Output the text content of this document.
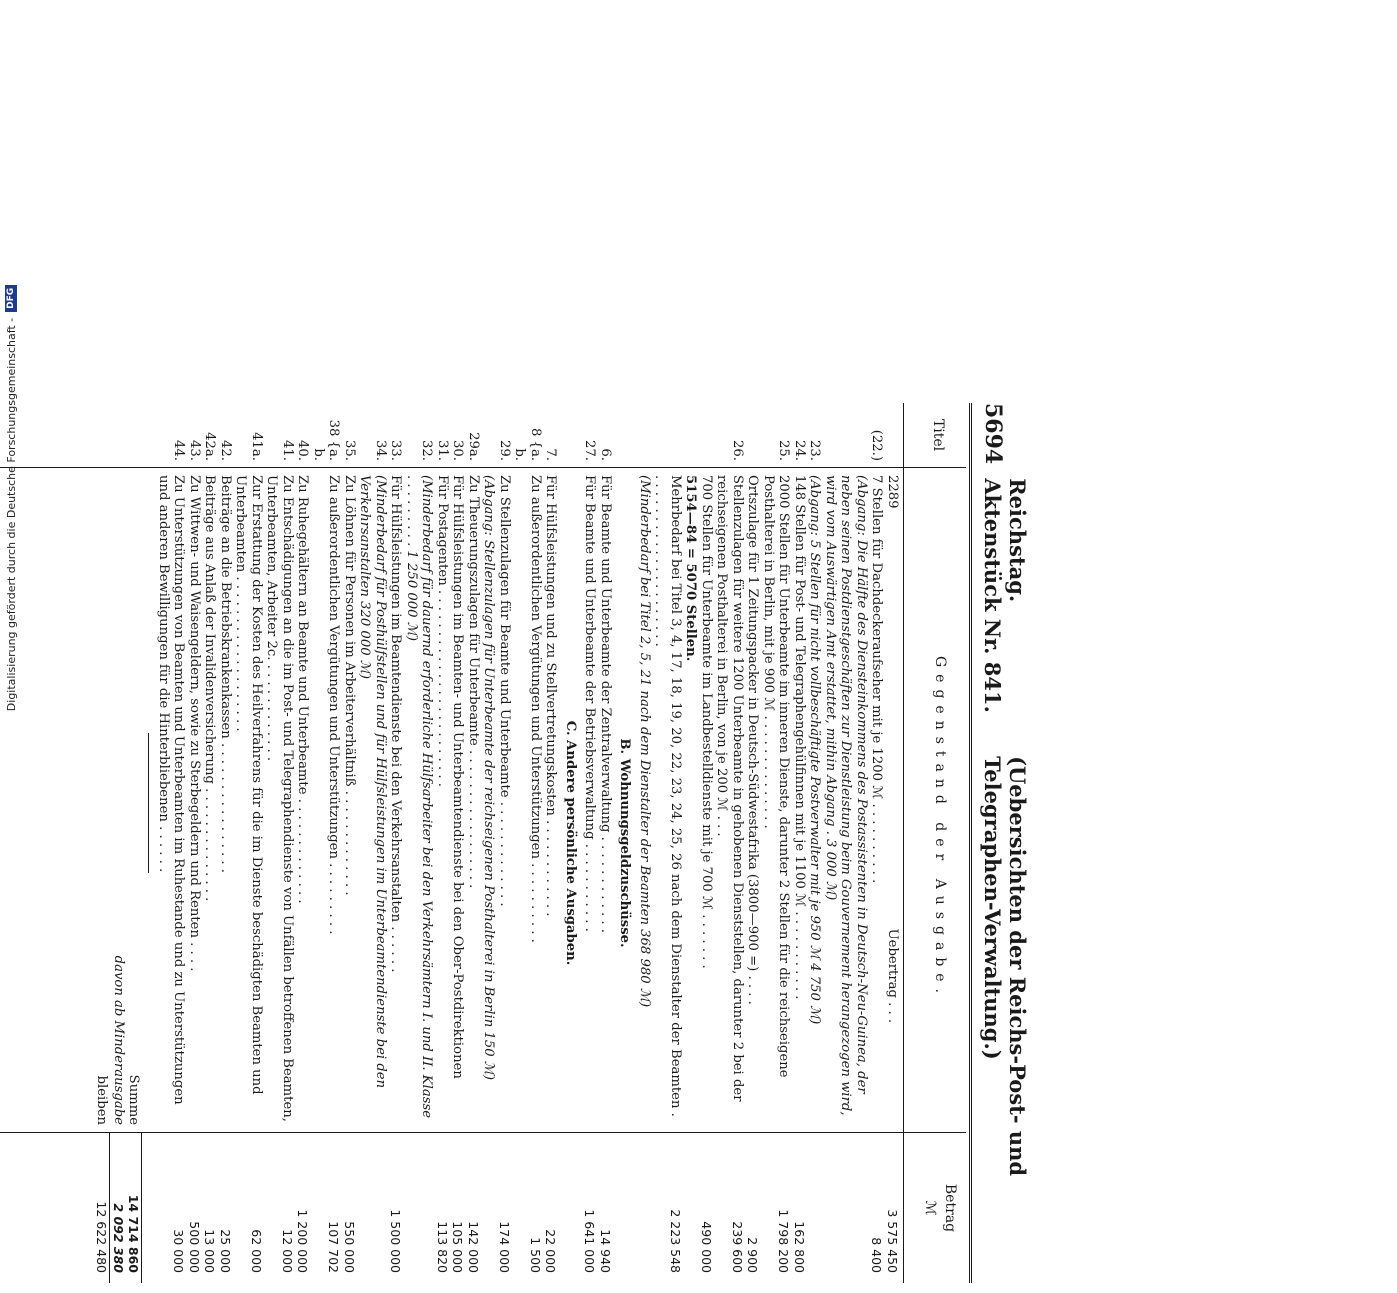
Digitalisierung gefördert durch die Deutsche Forschungsgemeinschaft -
DFG
5694
Reichstag. Aktenstück Nr. 841.
(Uebersichten der Reichs-Post- und Telegraphen-Verwaltung.)
Titel
Gegenstand der Ausgabe.
Betrag
ℳ
2289Uebertrag . . .
3 575 450
(22.)
7 Stellen für Dachdeckeraufseher mit je 1200 ℳ . . . . . . . . . .
8 400
(Abgang: Die Hälfte des Diensteinkommens des Postassistenten in Deutsch-Neu-Guinea, der neben seinen Postdienstgeschäften zur Dienstleistung beim Gouvernement herangezogen wird, wird vom Auswärtigen Amt erstattet, mithin Abgang . 3 000 ℳ)
23.
(Abgang: 5 Stellen für nicht vollbeschäftigte Postverwalter mit je 950 ℳ 4 750 ℳ)
24.
148 Stellen für Post- und Telegraphengehülfinnen mit je 1100 ℳ . . . . . . . . . . .
162 800
25.
2000 Stellen für Unterbeamte im inneren Dienste, darunter 2 Stellen für die reichseigene Posthalterei in Berlin, mit je 900 ℳ . . . . . . . . . . . . . .
1 798 200
Ortszulage für 1 Zeitungspacker in Deutsch-Südwestafrika (3800—900 =) . . . .
2 900
26.
Stellenzulagen für weitere 1200 Unterbeamte in gehobenen Dienststellen, darunter 2 bei der reichseigenen Posthalterei in Berlin, von je 200 ℳ . . .
239 600
700 Stellen für Unterbeamte im Landbestelldienste mit je 700 ℳ . . . . . . .
490 000
5154—84 = 5070 Stellen.
Mehrbedarf bei Titel 3, 4, 17, 18, 19, 20, 22, 23, 24, 25, 26 nach dem Dienstalter der Beamten . . . . . . . . . . . . . . . . . . . . . .
2 223 548
(Minderbedarf bei Titel 2, 5, 21 nach dem Dienstalter der Beamten 368 980 ℳ)
B. Wohnungsgeldzuschüsse.
6.
Für Beamte und Unterbeamte der Zentralverwaltung . . . . . . . . . . . .
14 940
27.
Für Beamte und Unterbeamte der Betriebsverwaltung . . . . . . . . . . .
1 641 000
C. Andere persönliche Ausgaben.
7.
Für Hülfsleistungen und zu Stellvertretungskosten . . . . . . . . . . . .
22 000
8 {a.
Zu außerordentlichen Vergütungen und Unterstützungen . . . . . . . . . .
1 500
b.
29.
Zu Stellenzulagen für Beamte und Unterbeamte . . . . . . . . . . . . .
174 000
(Abgang: Stellenzulagen für Unterbeamte der reichseigenen Posthalterei in Berlin 150 ℳ)
29a.
Zu Theuerungszulagen für Unterbeamte . . . . . . . . . . . . . . . . .
142 000
30.
Für Hülfsleistungen im Beamten- und Unterbeamtendienste bei den Ober-Postdirektionen
105 000
31.
Für Postagenten . . . . . . . . . . . . . . . . . . . . . . . .
113 820
32.
(Minderbedarf für dauernd erforderliche Hülfsarbeiter bei den Verkehrsämtern I. und II. Klasse . . . . . . . . . 1 250 000 ℳ)
33.
Für Hülfsleistungen im Beamtendienste bei den Verkehrsanstalten . . . . . .
1 500 000
34.
(Minderbedarf für Posthülfstellen und für Hülfsleistungen im Unterbeamtendienste bei den Verkehrsanstalten 320 000 ℳ)
35.
Zu Löhnen für Personen im Arbeiterverhältniß . . . . . . . . . . . . .
550 000
38 {a.
Zu außerordentlichen Vergütungen und Unterstützungen . . . . . . . . .
107 702
b.
40.
Zu Ruhegehältern an Beamte und Unterbeamte . . . . . . . . . . . . .
1 200 000
41.
Zu Entschädigungen an die im Post- und Telegraphendienste von Unfällen betroffenen Beamten, Unterbeamten, Arbeiter 2c. . . . . . . . . . . . .
12 000
41a.
Zur Erstattung der Kosten des Heilverfahrens für die im Dienste beschädigten Beamten und Unterbeamten . . . . . . . . . . . . . . . . . . .
62 000
42.
Beiträge an die Betriebskrankenkassen . . . . . . . . . . . . . . . .
25 000
42a.
Beiträge aus Anlaß der Invalidenversicherung . . . . . . . . . . . . . .
13 000
43.
Zu Wittwen- und Waisengeldern, sowie zu Sterbegeldern und Renten . . . .
500 000
44.
Zu Unterstützungen von Beamten und Unterbeamten im Ruhestande und zu Unterstützungen und anderen Bewilligungen für die Hinterbliebenen . . . . . .
30 000
Summe
14 714 860
davon ab Minderausgabe
2 092 380
bleiben
12 622 480
